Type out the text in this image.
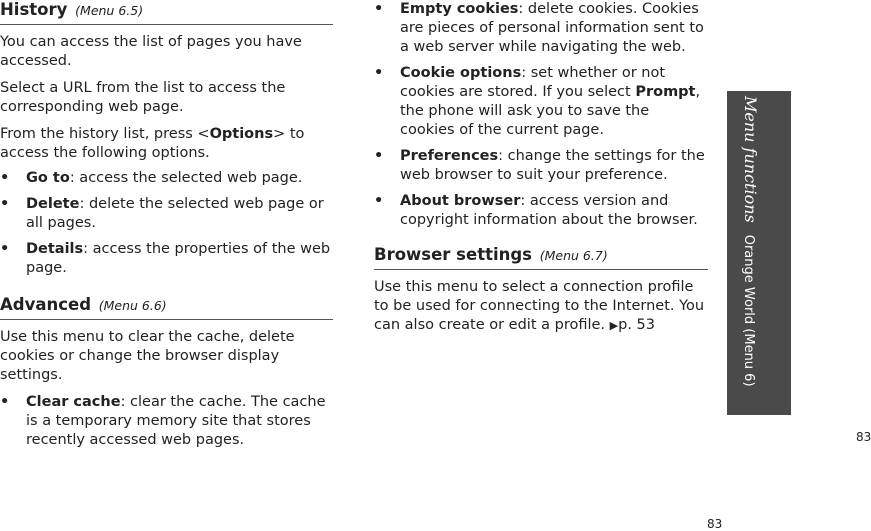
History (Menu 6.5)

You can access the list of pages you have accessed.

Select a URL from the list to access the corresponding web page.

From the history list, press <Options> to access the following options.

• Go to: access the selected web page.
• Delete: delete the selected web page or all pages.
• Details: access the properties of the web page.
Advanced (Menu 6.6)

Use this menu to clear the cache, delete cookies or change the browser display settings.

• Clear cache: clear the cache. The cache is a temporary memory site that stores recently accessed web pages.
• Empty cookies: delete cookies. Cookies are pieces of personal information sent to a web server while navigating the web.
• Cookie options: set whether or not cookies are stored. If you select Prompt, the phone will ask you to save the cookies of the current page.
• Preferences: change the settings for the web browser to suit your preference.
• About browser: access version and copyright information about the browser.
Browser settings (Menu 6.7)

Use this menu to select a connection profile to be used for connecting to the Internet. You can also create or edit a profile. ▶p. 53

Menu functionsOrange World (Menu 6)
83
83
